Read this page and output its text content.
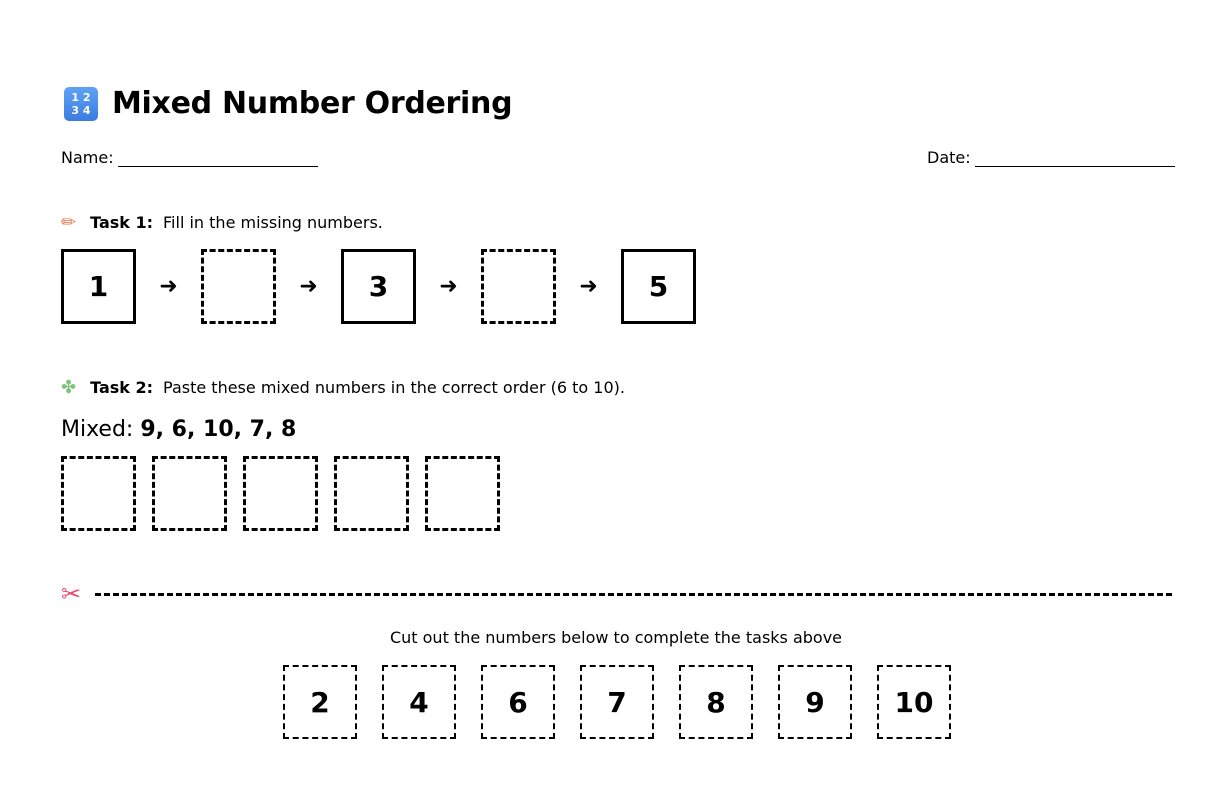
1 2 3 4 Mixed Number Ordering
Name:	Date:
✏ Task 1: Fill in the missing numbers.
1	➜	➜	3	➜	➜	5
✤ Task 2: Paste these mixed numbers in the correct order (6 to 10).
Mixed: 9, 6, 10, 7, 8
✂
Cut out the numbers below to complete the tasks above
2	4	6	7	8	9	10
